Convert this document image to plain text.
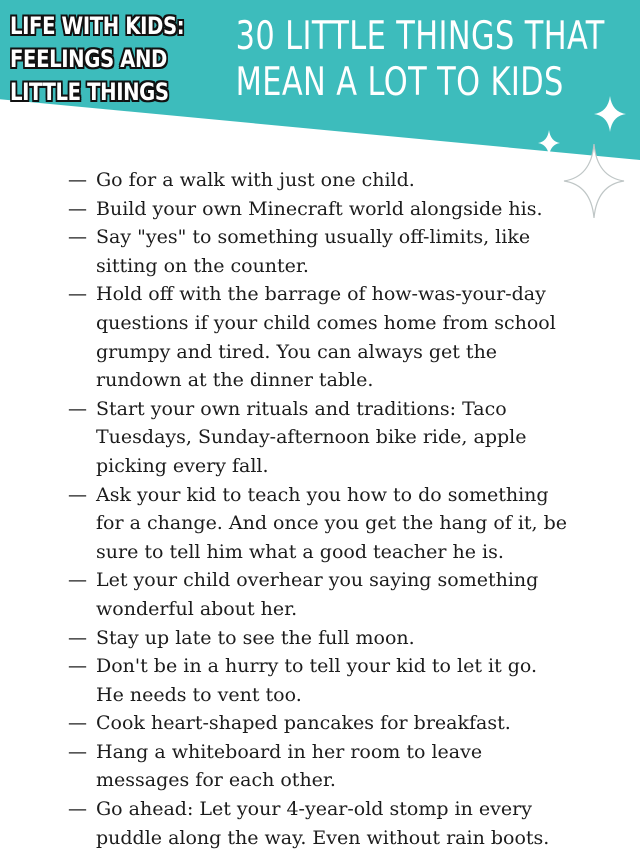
LIFE WITH KIDS:
FEELINGS AND
LITTLE THINGS
30 LITTLE THINGS THAT
MEAN A LOT TO KIDS
— Go for a walk with just one child.
— Build your own Minecraft world alongside his.
— Say "yes" to something usually off-limits, like sitting on the counter.
— Hold off with the barrage of how-was-your-day questions if your child comes home from school grumpy and tired. You can always get the rundown at the dinner table.
— Start your own rituals and traditions: Taco Tuesdays, Sunday-afternoon bike ride, apple picking every fall.
— Ask your kid to teach you how to do something for a change. And once you get the hang of it, be sure to tell him what a good teacher he is.
— Let your child overhear you saying something wonderful about her.
— Stay up late to see the full moon.
— Don't be in a hurry to tell your kid to let it go. He needs to vent too.
— Cook heart-shaped pancakes for breakfast.
— Hang a whiteboard in her room to leave messages for each other.
— Go ahead: Let your 4-year-old stomp in every puddle along the way. Even without rain boots.
